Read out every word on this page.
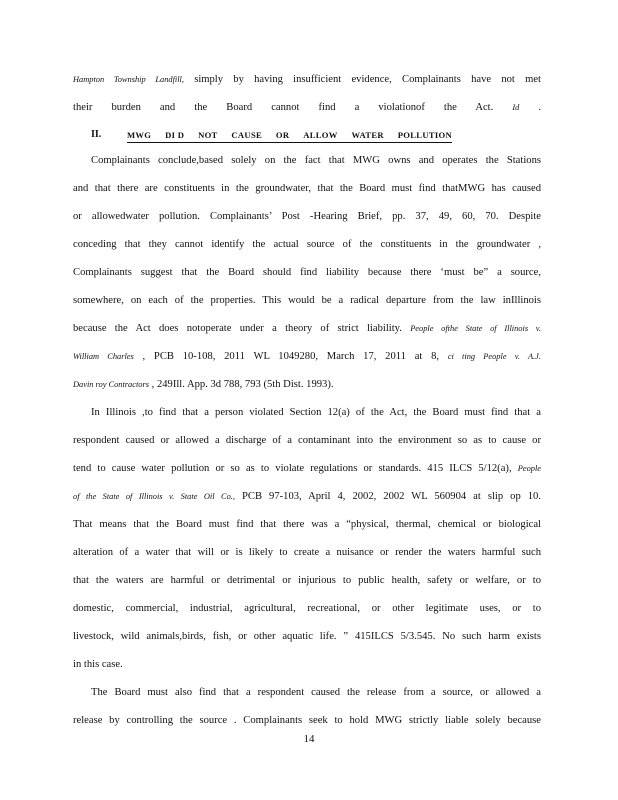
Hampton Township Landfill, simply by having insufficient evidence, Complainants have not met
their burden and the Board cannot find a violationof the Act. Id .
II.	MWG DI D NOT CAUSE OR ALLOW WATER POLLUTION
Complainants conclude,based solely on the fact that MWG owns and operates the Stations
and that there are constituents in the groundwater, that the Board must find thatMWG has caused
or allowedwater pollution. Complainants’ Post -Hearing Brief, pp. 37, 49, 60, 70. Despite
conceding that they cannot identify the actual source of the constituents in the groundwater ,
Complainants suggest that the Board should find liability because there ‘must be” a source,
somewhere, on each of the properties. This would be a radical departure from the law inIllinois
because the Act does notoperate under a theory of strict liability. People ofthe State of Illinois v.
William Charles , PCB 10-108, 2011 WL 1049280, March 17, 2011 at 8, ci ting People v. A.J.
Davin roy Contractors , 249Ill. App. 3d 788, 793 (5th Dist. 1993).
In Illinois ,to find that a person violated Section 12(a) of the Act, the Board must find that a
respondent caused or allowed a discharge of a contaminant into the environment so as to cause or
tend to cause water pollution or so as to violate regulations or standards. 415 ILCS 5/12(a), People
of the State of Illinois v. State Oil Co., PCB 97-103, April 4, 2002, 2002 WL 560904 at slip op 10.
That means that the Board must find that there was a “physical, thermal, chemical or biological
alteration of a water that will or is likely to create a nuisance or render the waters harmful such
that the waters are harmful or detrimental or injurious to public health, safety or welfare, or to
domestic, commercial, industrial, agricultural, recreational, or other legitimate uses, or to
livestock, wild animals,birds, fish, or other aquatic life. ” 415ILCS 5/3.545. No such harm exists
in this case.
The Board must also find that a respondent caused the release from a source, or allowed a
release by controlling the source . Complainants seek to hold MWG strictly liable solely because
14
